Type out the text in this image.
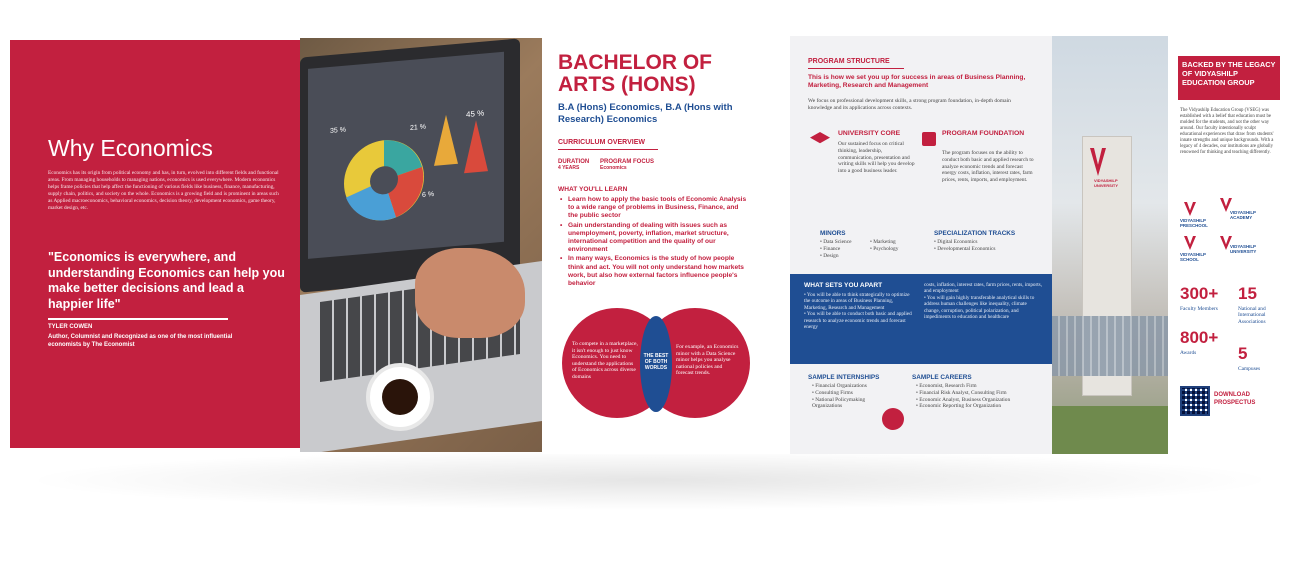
Why Economics
Economics has its origin from political economy and has, in turn, evolved into different fields and functional areas. From managing households to managing nations, economics is used everywhere. Modern economics helps frame policies that help affect the functioning of various fields like business, finance, manufacturing, supply chain, politics, and society on the whole. Economics is a growing field and is prominent in areas such as Applied macroeconomics, behavioral economics, decision theory, development economics, game theory, market design, etc.
"Economics is everywhere, and understanding Economics can help you make better decisions and lead a happier life"
TYLER COWEN
Author, Columnist and Recognized as one of the most influential economists by The Economist
35 %	21 %
6 %
45 %
BACHELOR OF ARTS (HONS)
B.A (Hons) Economics, B.A (Hons with Research) Economics
CURRICULUM OVERVIEW
DURATION
4 YEARS
PROGRAM FOCUS
Economics
WHAT YOU'LL LEARN
• Learn how to apply the basic tools of Economic Analysis to a wide range of problems in Business, Finance, and the public sector
• Gain understanding of dealing with issues such as unemployment, poverty, inflation, market structure, international competition and the quality of our environment
• In many ways, Economics is the study of how people think and act. You will not only understand how markets work, but also how external factors influence people's behavior
To compete in a marketplace, it isn't enough to just know Economics. You need to understand the applications of Economics across diverse domains
THE BEST OF BOTH WORLDS
For example, an Economics minor with a Data Science minor helps you analyse national policies and forecast trends.
PROGRAM STRUCTURE
This is how we set you up for success in areas of Business Planning, Marketing, Research and Management
We focus on professional development skills, a strong program foundation, in-depth domain knowledge and its applications across contexts.
UNIVERSITY CORE
Our sustained focus on critical thinking, leadership, communication, presentation and writing skills will help you develop into a good business leader.
PROGRAM FOUNDATION
The program focuses on the ability to conduct both basic and applied research to analyze economic trends and forecast energy costs, inflation, interest rates, farm prices, rents, imports, and employment.
MINORS
• Data Science
• Finance
• Design
• Marketing
• Psychology
SPECIALIZATION TRACKS
• Digital Economics
• Developmental Economics
WHAT SETS YOU APART
• You will be able to think strategically to optimize the outcome in areas of Business Planning, Marketing, Research and Management
• You will be able to conduct both basic and applied research to analyze economic trends and forecast energy
costs, inflation, interest rates, farm prices, rents, imports, and employment
• You will gain highly transferable analytical skills to address human challenges like inequality, climate change, corruption, political polarization, and impediments to education and healthcare
SAMPLE INTERNSHIPS
• Financial Organizations
• Consulting Firms
• National Policymaking Organizations
SAMPLE CAREERS
• Economist, Research Firm
• Financial Risk Analyst, Consulting Firm
• Economic Analyst, Business Organization
• Economic Reporting for Organization
VIDYASHILP UNIVERSITY
BACKED BY THE LEGACY OF VIDYASHILP EDUCATION GROUP
The Vidyashilp Education Group (VSEG) was established with a belief that education must be molded for the students, and not the other way around. Our faculty intentionally sculpt educational experiences that draw from students' innate strengths and unique backgrounds. With a legacy of 4 decades, our institutions are globally renowned for thinking and teaching differently.
VIDYASHILP PRESCHOOL
VIDYASHILP ACADEMY
VIDYASHILP SCHOOL
VIDYASHILP UNIVERSITY
300+
Faculty Members
15
National and International Associations
800+
Awards 5
Campuses
DOWNLOAD PROSPECTUS
